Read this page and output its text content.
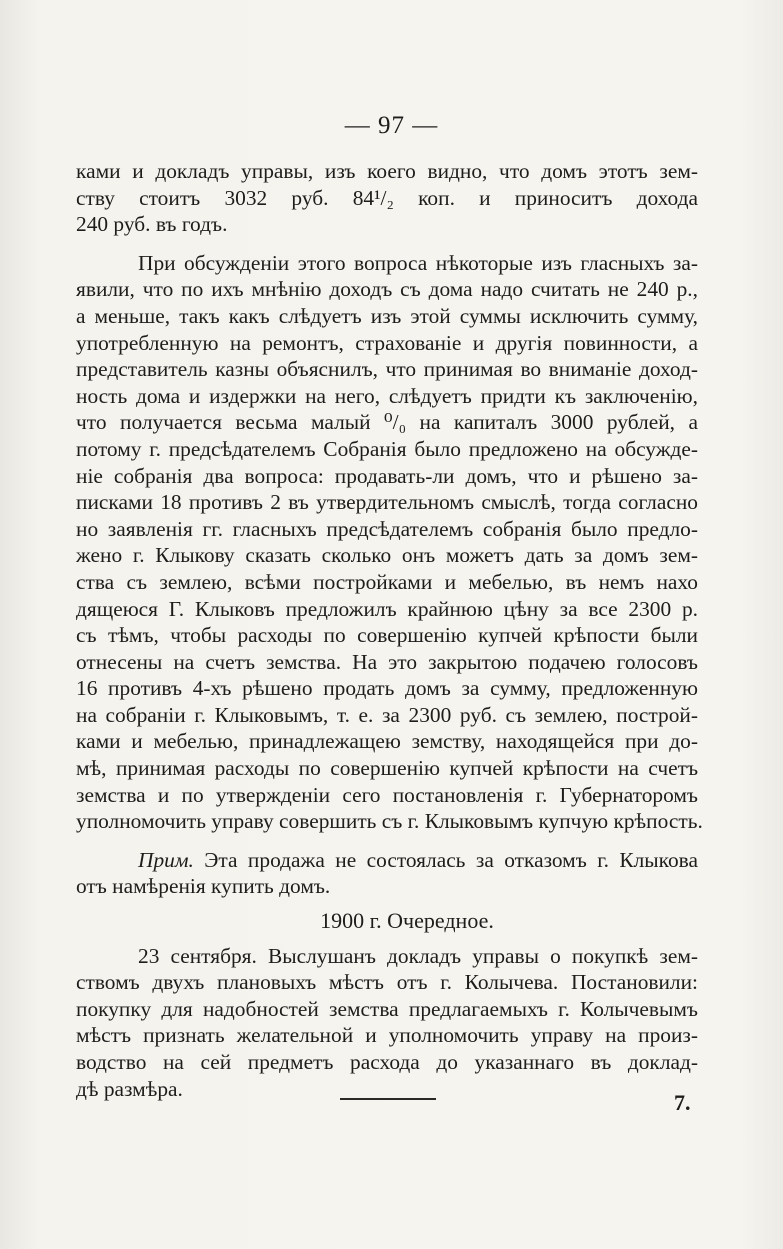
— 97 —
ками и докладъ управы, изъ коего видно, что домъ этотъ зем-
ству стоитъ 3032 руб. 84¹/₂ коп. и приноситъ дохода
240 руб. въ годъ.
При обсужденіи этого вопроса нѣкоторые изъ гласныхъ за-
явили, что по ихъ мнѣнію доходъ съ дома надо считать не 240 р.,
а меньше, такъ какъ слѣдуетъ изъ этой суммы исключить сумму,
употребленную на ремонтъ, страхованіе и другія повинности, а
представитель казны объяснилъ, что принимая во вниманіе доход-
ность дома и издержки на него, слѣдуетъ придти къ заключенію,
что получается весьма малый ⁰/₀ на капиталъ 3000 рублей, а
потому г. предсѣдателемъ Собранія было предложено на обсужде-
ніе собранія два вопроса: продавать-ли домъ, что и рѣшено за-
писками 18 противъ 2 въ утвердительномъ смыслѣ, тогда согласно
но заявленія гг. гласныхъ предсѣдателемъ собранія было предло-
жено г. Клыкову сказать сколько онъ можетъ дать за домъ зем-
ства съ землею, всѣми постройками и мебелью, въ немъ нахо
дящеюся Г. Клыковъ предложилъ крайнюю цѣну за все 2300 р.
съ тѣмъ, чтобы расходы по совершенію купчей крѣпости были
отнесены на счетъ земства. На это закрытою подачею голосовъ
16 противъ 4-хъ рѣшено продать домъ за сумму, предложенную
на собраніи г. Клыковымъ, т. е. за 2300 руб. съ землею, построй-
ками и мебелью, принадлежащею земству, находящейся при до-
мѣ, принимая расходы по совершенію купчей крѣпости на счетъ
земства и по утвержденіи сего постановленія г. Губернаторомъ
уполномочить управу совершить съ г. Клыковымъ купчую крѣпость.
Прим. Эта продажа не состоялась за отказомъ г. Клыкова
отъ намѣренія купить домъ.
1900 г. Очередное.
23 сентября. Выслушанъ докладъ управы о покупкѣ зем-
ствомъ двухъ плановыхъ мѣстъ отъ г. Колычева. Постановили:
покупку для надобностей земства предлагаемыхъ г. Колычевымъ
мѣстъ признать желательной и уполномочить управу на произ-
водство на сей предметъ расхода до указаннаго въ доклад-
дѣ размѣра.
7.
